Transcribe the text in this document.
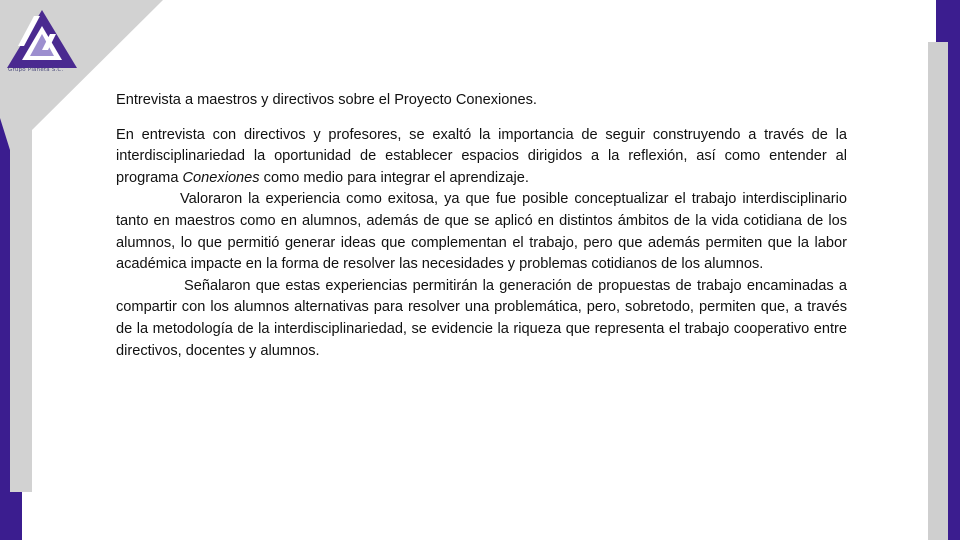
Grupo Planeta S.C.

Entrevista a maestros y directivos sobre el Proyecto Conexiones.

En entrevista con directivos y profesores, se exaltó la importancia de seguir construyendo a través de la interdisciplinariedad la oportunidad de establecer espacios dirigidos a la reflexión, así como entender al programa Conexiones como medio para integrar el aprendizaje.

Valoraron la experiencia como exitosa, ya que fue posible conceptualizar el trabajo interdisciplinario tanto en maestros como en alumnos, además de que se aplicó en distintos ámbitos de la vida cotidiana de los alumnos, lo que permitió generar ideas que complementan el trabajo, pero que además permiten que la labor académica impacte en la forma de resolver las necesidades y problemas cotidianos de los alumnos.

Señalaron que estas experiencias permitirán la generación de propuestas de trabajo encaminadas a compartir con los alumnos alternativas para resolver una problemática, pero, sobretodo, permiten que, a través de la metodología de la interdisciplinariedad, se evidencie la riqueza que representa el trabajo cooperativo entre directivos, docentes y alumnos.
